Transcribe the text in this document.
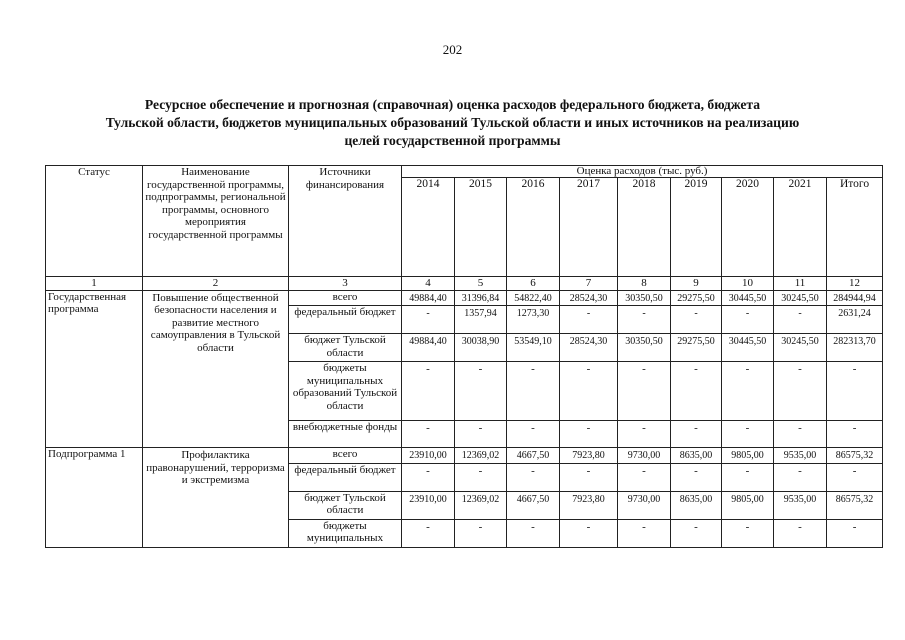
202
Ресурсное обеспечение и прогнозная (справочная) оценка расходов федерального бюджета, бюджета
Тульской области, бюджетов муниципальных образований Тульской области и иных источников на реализацию
целей государственной программы
Статус	Наименование государственной программы, подпрограммы, региональной программы, основного мероприятия государственной программы	Источники финансирования	Оценка расходов (тыс. руб.)								
			2014	2015	2016	2017	2018	2019	2020	2021	Итого
1	2	3	4	5	6	7	8	9	10	11	12
Государственная программа	Повышение общественной безопасности населения и развитие местного самоуправления в Тульской области	всего	49884,40	31396,84	54822,40	28524,30	30350,50	29275,50	30445,50	30245,50	284944,94
		федеральный бюджет	-	1357,94	1273,30	-	-	-	-	-	2631,24
		бюджет Тульской области	49884,40	30038,90	53549,10	28524,30	30350,50	29275,50	30445,50	30245,50	282313,70
		бюджеты муниципальных образований Тульской области	-	-	-	-	-	-	-	-	-
		внебюджетные фонды	-	-	-	-	-	-	-	-	-
Подпрограмма 1	Профилактика правонарушений, терроризма и экстремизма	всего	23910,00	12369,02	4667,50	7923,80	9730,00	8635,00	9805,00	9535,00	86575,32
		федеральный бюджет	-	-	-	-	-	-	-	-	-
		бюджет Тульской области	23910,00	12369,02	4667,50	7923,80	9730,00	8635,00	9805,00	9535,00	86575,32
		бюджеты муниципальных	-	-	-	-	-	-	-	-	-
